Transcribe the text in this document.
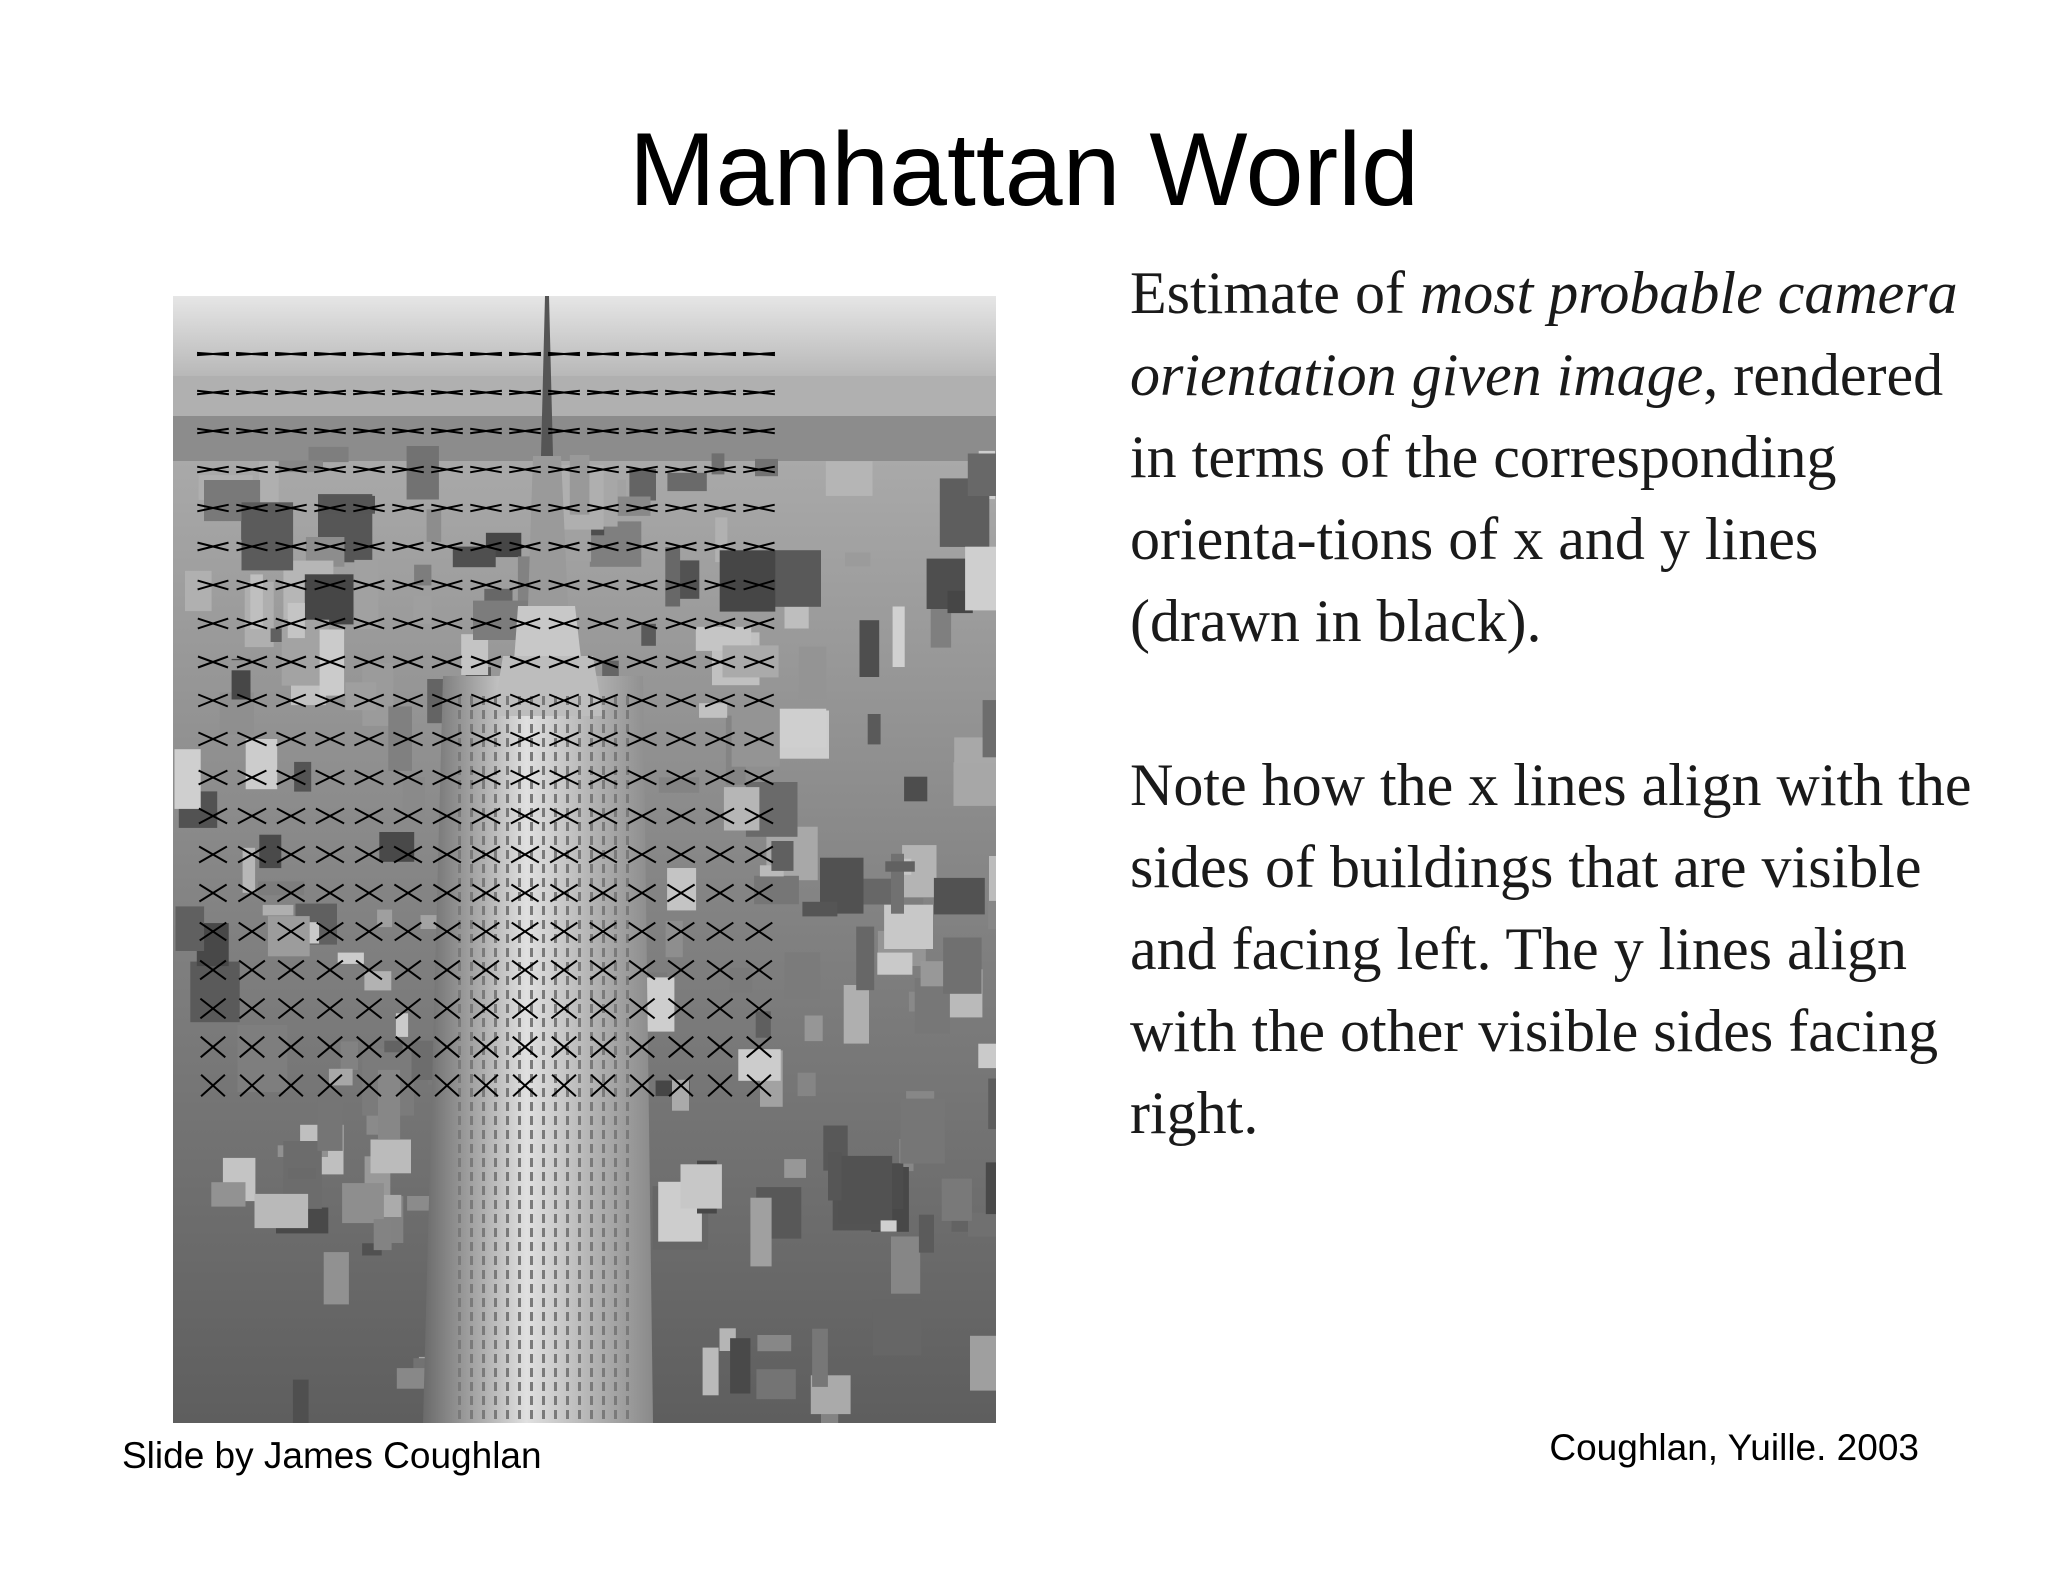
Manhattan World

Estimate of most probable camera orientation given image, rendered in terms of the corresponding orienta-tions of x and y lines (drawn in black).

Note how the x lines align with the sides of buildings that are visible and facing left. The y lines align with the other visible sides facing right.

Slide by James Coughlan	Coughlan, Yuille. 2003
